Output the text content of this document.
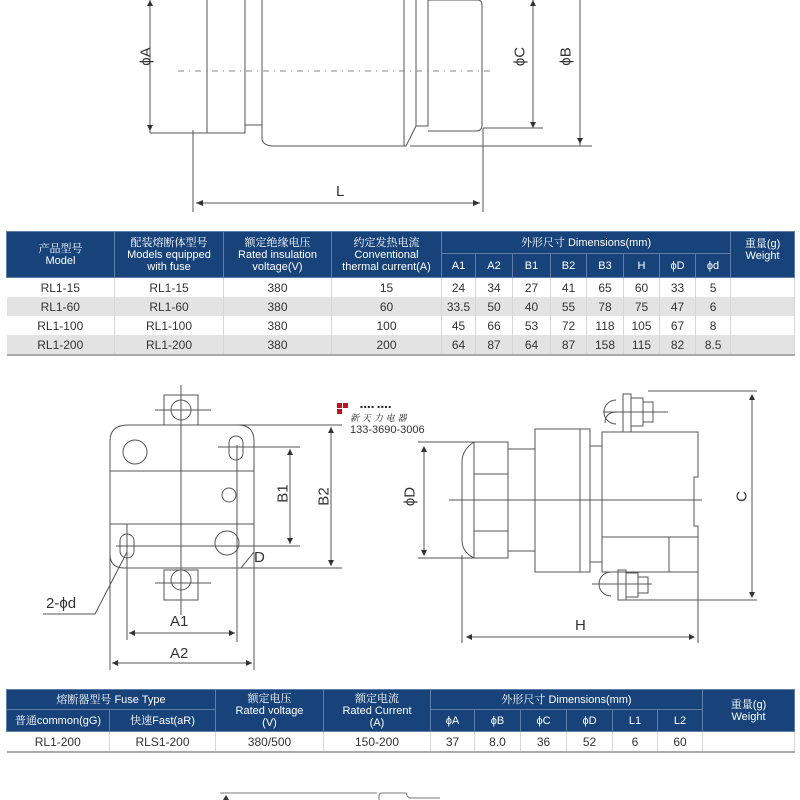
ϕA	ϕC ϕB
L
产品型号
Model	配装熔断体型号
Models equipped
with fuse	额定绝缘电压
Rated insulation
voltage(V)	约定发热电流
Conventional
thermal current(A)	外形尺寸 Dimensions(mm)								重量(g)
Weight
				A1	A2	B1	B2	B3	H	ϕD	ϕd	
RL1-15	RL1-15	380	15	24	34	27	41	65	60	33	5	
RL1-60	RL1-60	380	60	33.5	50	40	55	78	75	47	6	
RL1-100	RL1-100	380	100	45	66	53	72	118	105	67	8	
RL1-200	RL1-200	380	200	64	87	64	87	158	115	82	8.5	
B1 B2
D
2-ϕd
A1
A2
ϕD	C
H
▪▪▪▪ ▪▪▪▪
新 天 力 电 器
133-3690-3006
熔断器型号 Fuse Type		额定电压
Rated voltage
(V)	额定电流
Rated Current
(A)	外形尺寸 Dimensions(mm)						重量(g)
Weight
普通common(gG)	快速Fast(aR)			ϕA	ϕB	ϕC	ϕD	L1	L2	
RL1-200	RLS1-200	380/500	150-200	37	8.0	36	52	6	60	
